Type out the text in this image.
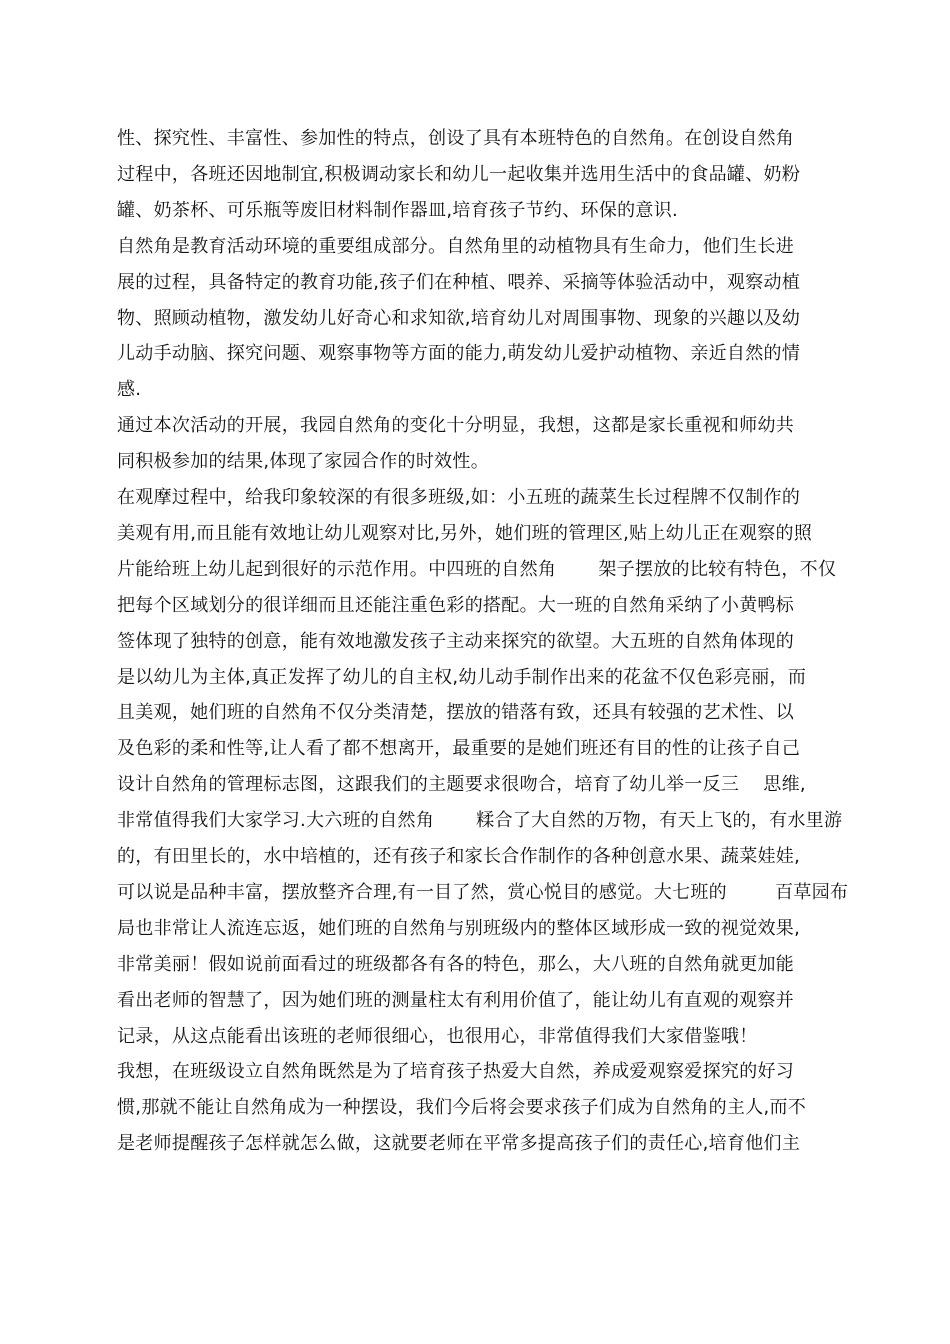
性、探究性、丰富性、参加性的特点，创设了具有本班特色的自然角。在创设自然角
过程中，各班还因地制宜,积极调动家长和幼儿一起收集并选用生活中的食品罐、奶粉
罐、奶茶杯、可乐瓶等废旧材料制作器皿,培育孩子节约、环保的意识.
自然角是教育活动环境的重要组成部分。自然角里的动植物具有生命力，他们生长进
展的过程，具备特定的教育功能,孩子们在种植、喂养、采摘等体验活动中，观察动植
物、照顾动植物，激发幼儿好奇心和求知欲,培育幼儿对周围事物、现象的兴趣以及幼
儿动手动脑、探究问题、观察事物等方面的能力,萌发幼儿爱护动植物、亲近自然的情
感.
通过本次活动的开展，我园自然角的变化十分明显，我想，这都是家长重视和师幼共
同积极参加的结果,体现了家园合作的时效性。
在观摩过程中，给我印象较深的有很多班级,如：小五班的蔬菜生长过程牌不仅制作的
美观有用,而且能有效地让幼儿观察对比,另外，她们班的管理区,贴上幼儿正在观察的照
片能给班上幼儿起到很好的示范作用。中四班的自然角       架子摆放的比较有特色，不仅
把每个区域划分的很详细而且还能注重色彩的搭配。大一班的自然角采纳了小黄鸭标
签体现了独特的创意，能有效地激发孩子主动来探究的欲望。大五班的自然角体现的
是以幼儿为主体,真正发挥了幼儿的自主权,幼儿动手制作出来的花盆不仅色彩亮丽，而
且美观，她们班的自然角不仅分类清楚，摆放的错落有致，还具有较强的艺术性、以
及色彩的柔和性等,让人看了都不想离开，最重要的是她们班还有目的性的让孩子自己
设计自然角的管理标志图，这跟我们的主题要求很吻合，培育了幼儿举一反三    思维,
非常值得我们大家学习.大六班的自然角       糅合了大自然的万物，有天上飞的，有水里游
的，有田里长的，水中培植的，还有孩子和家长合作制作的各种创意水果、蔬菜娃娃,
可以说是品种丰富，摆放整齐合理,有一目了然，赏心悦目的感觉。大七班的        百草园布
局也非常让人流连忘返，她们班的自然角与别班级内的整体区域形成一致的视觉效果,
非常美丽！假如说前面看过的班级都各有各的特色，那么，大八班的自然角就更加能
看出老师的智慧了，因为她们班的测量柱太有利用价值了，能让幼儿有直观的观察并
记录，从这点能看出该班的老师很细心，也很用心，非常值得我们大家借鉴哦！
我想，在班级设立自然角既然是为了培育孩子热爱大自然，养成爱观察爱探究的好习
惯,那就不能让自然角成为一种摆设，我们今后将会要求孩子们成为自然角的主人,而不
是老师提醒孩子怎样就怎么做，这就要老师在平常多提高孩子们的责任心,培育他们主
